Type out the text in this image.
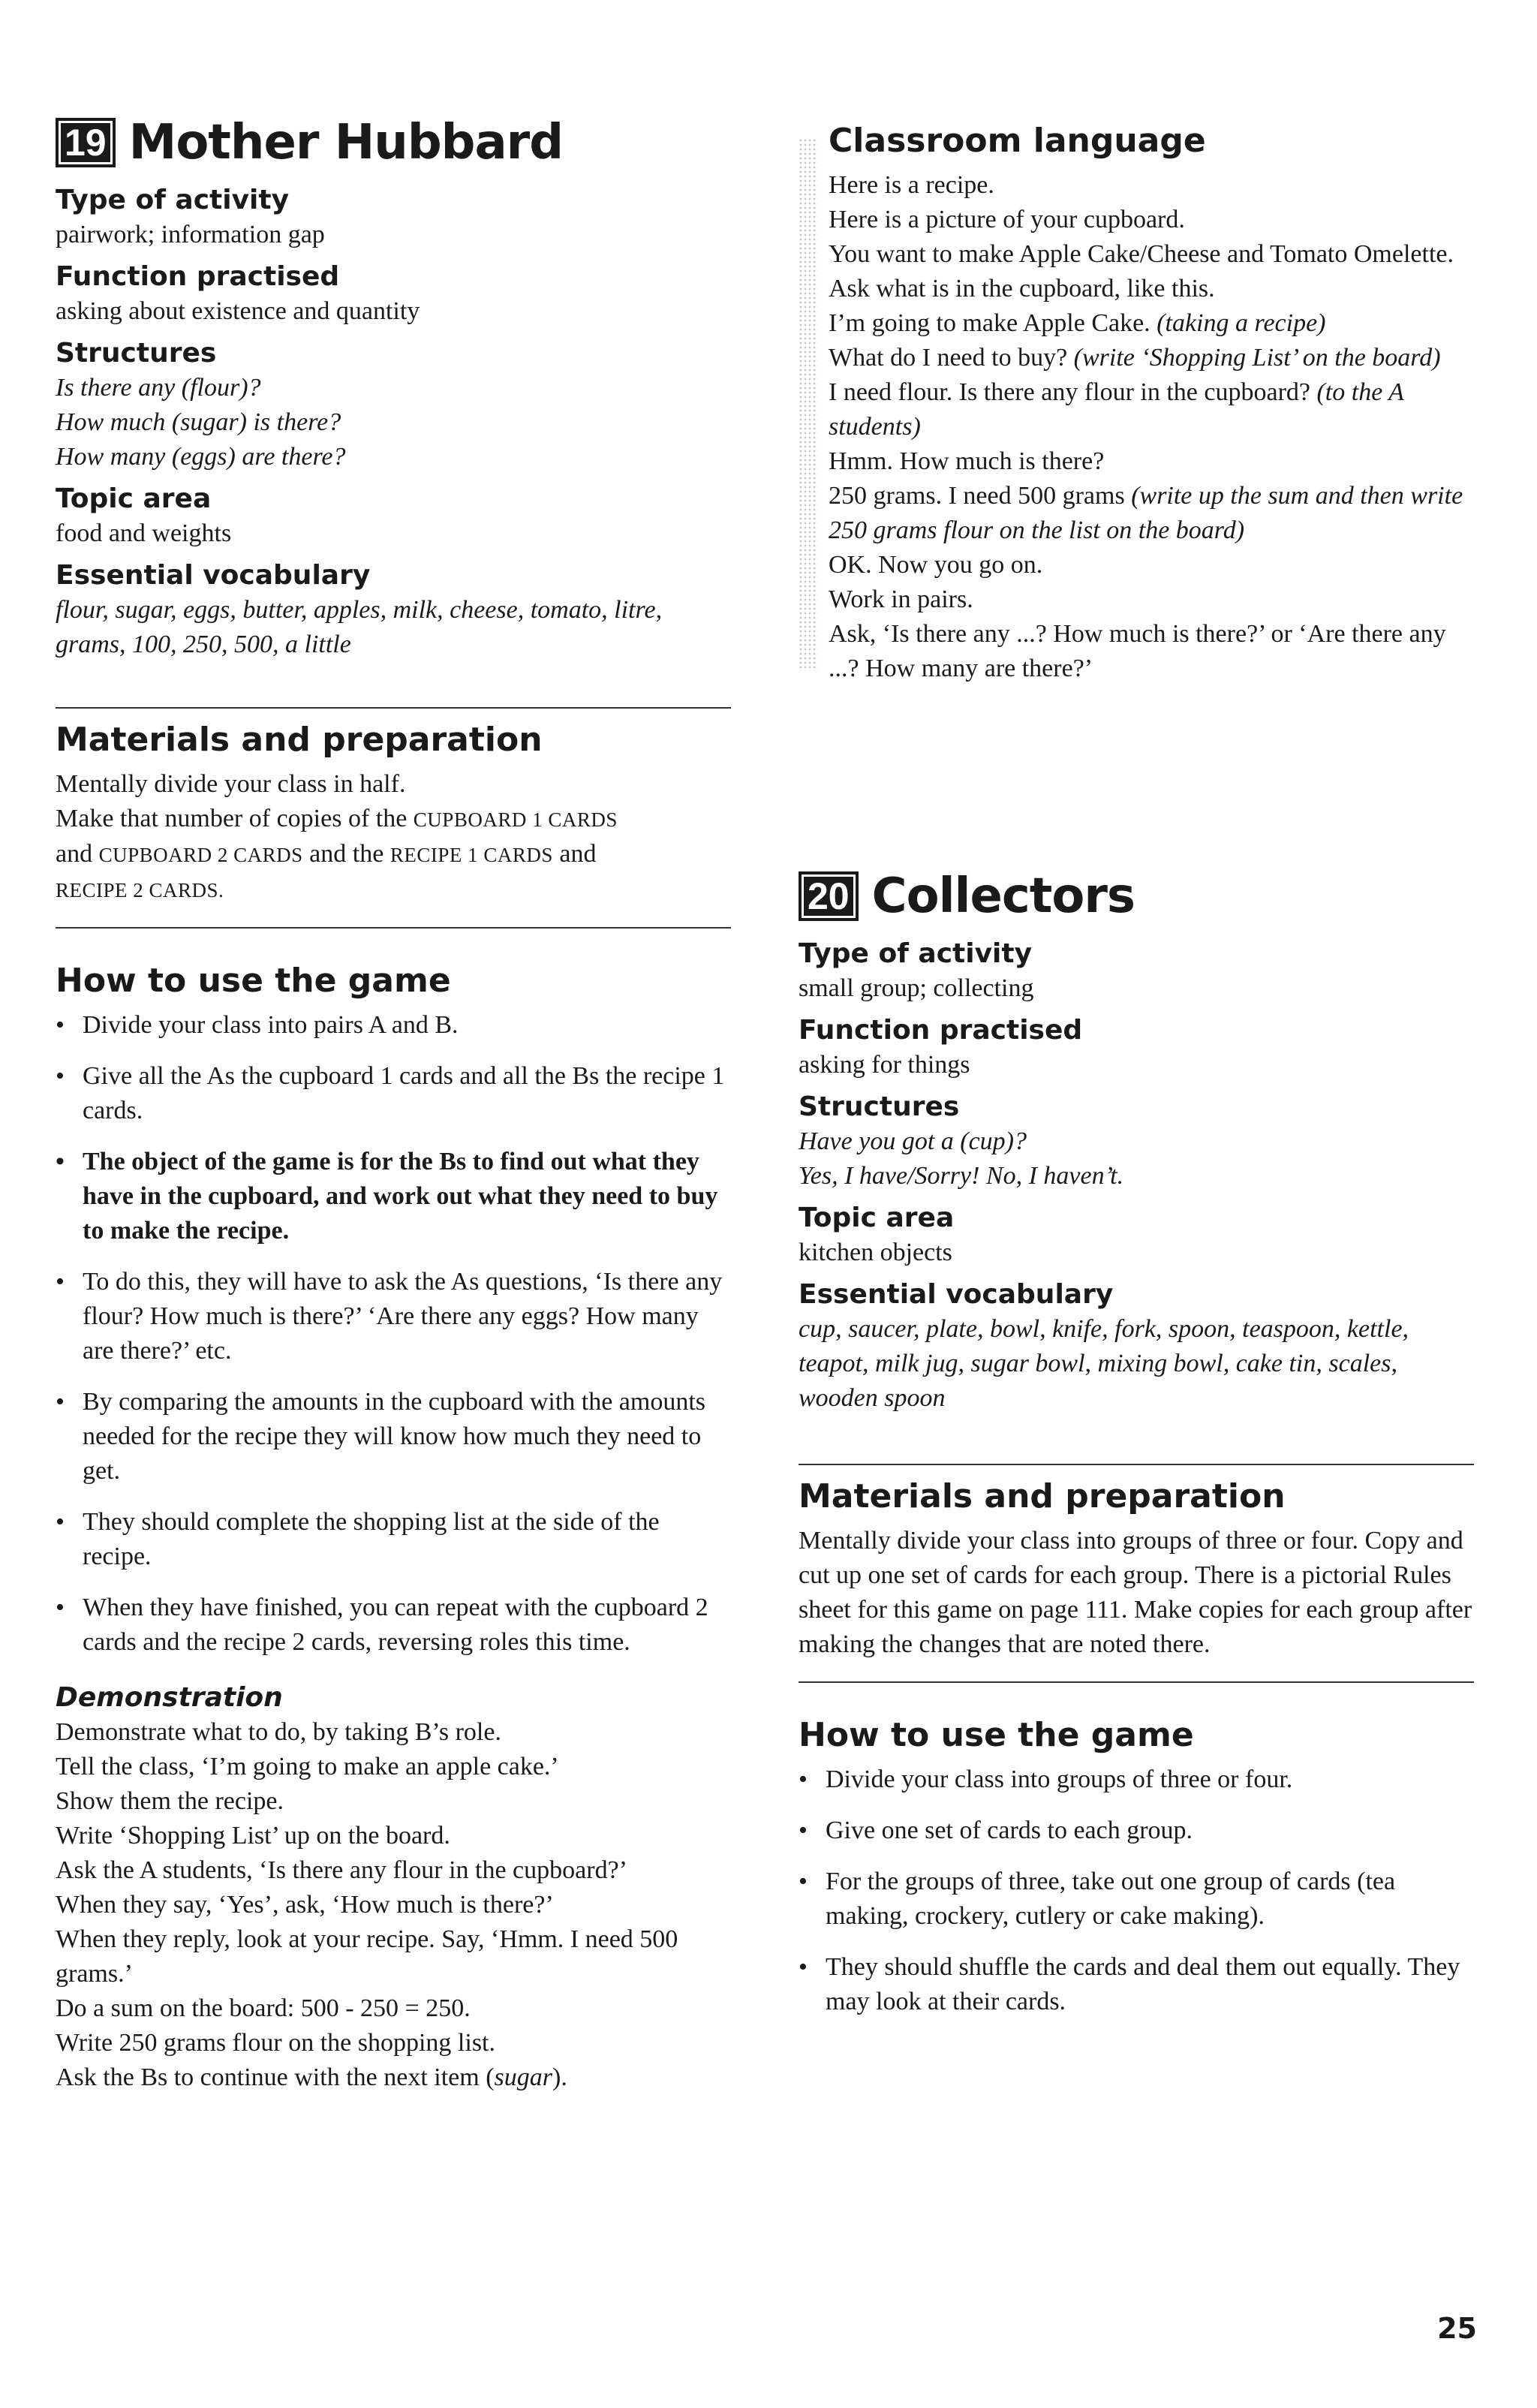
19 Mother Hubbard
Type of activity
pairwork; information gap
Function practised
asking about existence and quantity
Structures
Is there any (flour)?
How much (sugar) is there?
How many (eggs) are there?
Topic area
food and weights
Essential vocabulary
flour, sugar, eggs, butter, apples, milk, cheese, tomato, litre, grams, 100, 250, 500, a little
Materials and preparation
Mentally divide your class in half.
Make that number of copies of the CUPBOARD 1 CARDS
and CUPBOARD 2 CARDS and the RECIPE 1 CARDS and
RECIPE 2 CARDS.
How to use the game
• Divide your class into pairs A and B.
• Give all the As the cupboard 1 cards and all the Bs the recipe 1 cards.
• The object of the game is for the Bs to find out what they have in the cupboard, and work out what they need to buy to make the recipe.
• To do this, they will have to ask the As questions, ‘Is there any flour? How much is there?’ ‘Are there any eggs? How many are there?’ etc.
• By comparing the amounts in the cupboard with the amounts needed for the recipe they will know how much they need to get.
• They should complete the shopping list at the side of the recipe.
• When they have finished, you can repeat with the cupboard 2 cards and the recipe 2 cards, reversing roles this time.
Demonstration
Demonstrate what to do, by taking B’s role.
Tell the class, ‘I’m going to make an apple cake.’
Show them the recipe.
Write ‘Shopping List’ up on the board.
Ask the A students, ‘Is there any flour in the cupboard?’
When they say, ‘Yes’, ask, ‘How much is there?’
When they reply, look at your recipe. Say, ‘Hmm. I need 500 grams.’
Do a sum on the board: 500 - 250 = 250.
Write 250 grams flour on the shopping list.
Ask the Bs to continue with the next item (sugar).
Classroom language
Here is a recipe.
Here is a picture of your cupboard.
You want to make Apple Cake/Cheese and Tomato Omelette.
Ask what is in the cupboard, like this.
I’m going to make Apple Cake. (taking a recipe)
What do I need to buy? (write ‘Shopping List’ on the board)
I need flour. Is there any flour in the cupboard? (to the A students)
Hmm. How much is there?
250 grams. I need 500 grams (write up the sum and then write 250 grams flour on the list on the board)
OK. Now you go on.
Work in pairs.
Ask, ‘Is there any ...? How much is there?’ or ‘Are there any ...? How many are there?’
20 Collectors
Type of activity
small group; collecting
Function practised
asking for things
Structures
Have you got a (cup)?
Yes, I have/Sorry! No, I haven’t.
Topic area
kitchen objects
Essential vocabulary
cup, saucer, plate, bowl, knife, fork, spoon, teaspoon, kettle, teapot, milk jug, sugar bowl, mixing bowl, cake tin, scales, wooden spoon
Materials and preparation
Mentally divide your class into groups of three or four. Copy and cut up one set of cards for each group. There is a pictorial Rules sheet for this game on page 111. Make copies for each group after making the changes that are noted there.
How to use the game
• Divide your class into groups of three or four.
• Give one set of cards to each group.
• For the groups of three, take out one group of cards (tea making, crockery, cutlery or cake making).
• They should shuffle the cards and deal them out equally. They may look at their cards.
25
